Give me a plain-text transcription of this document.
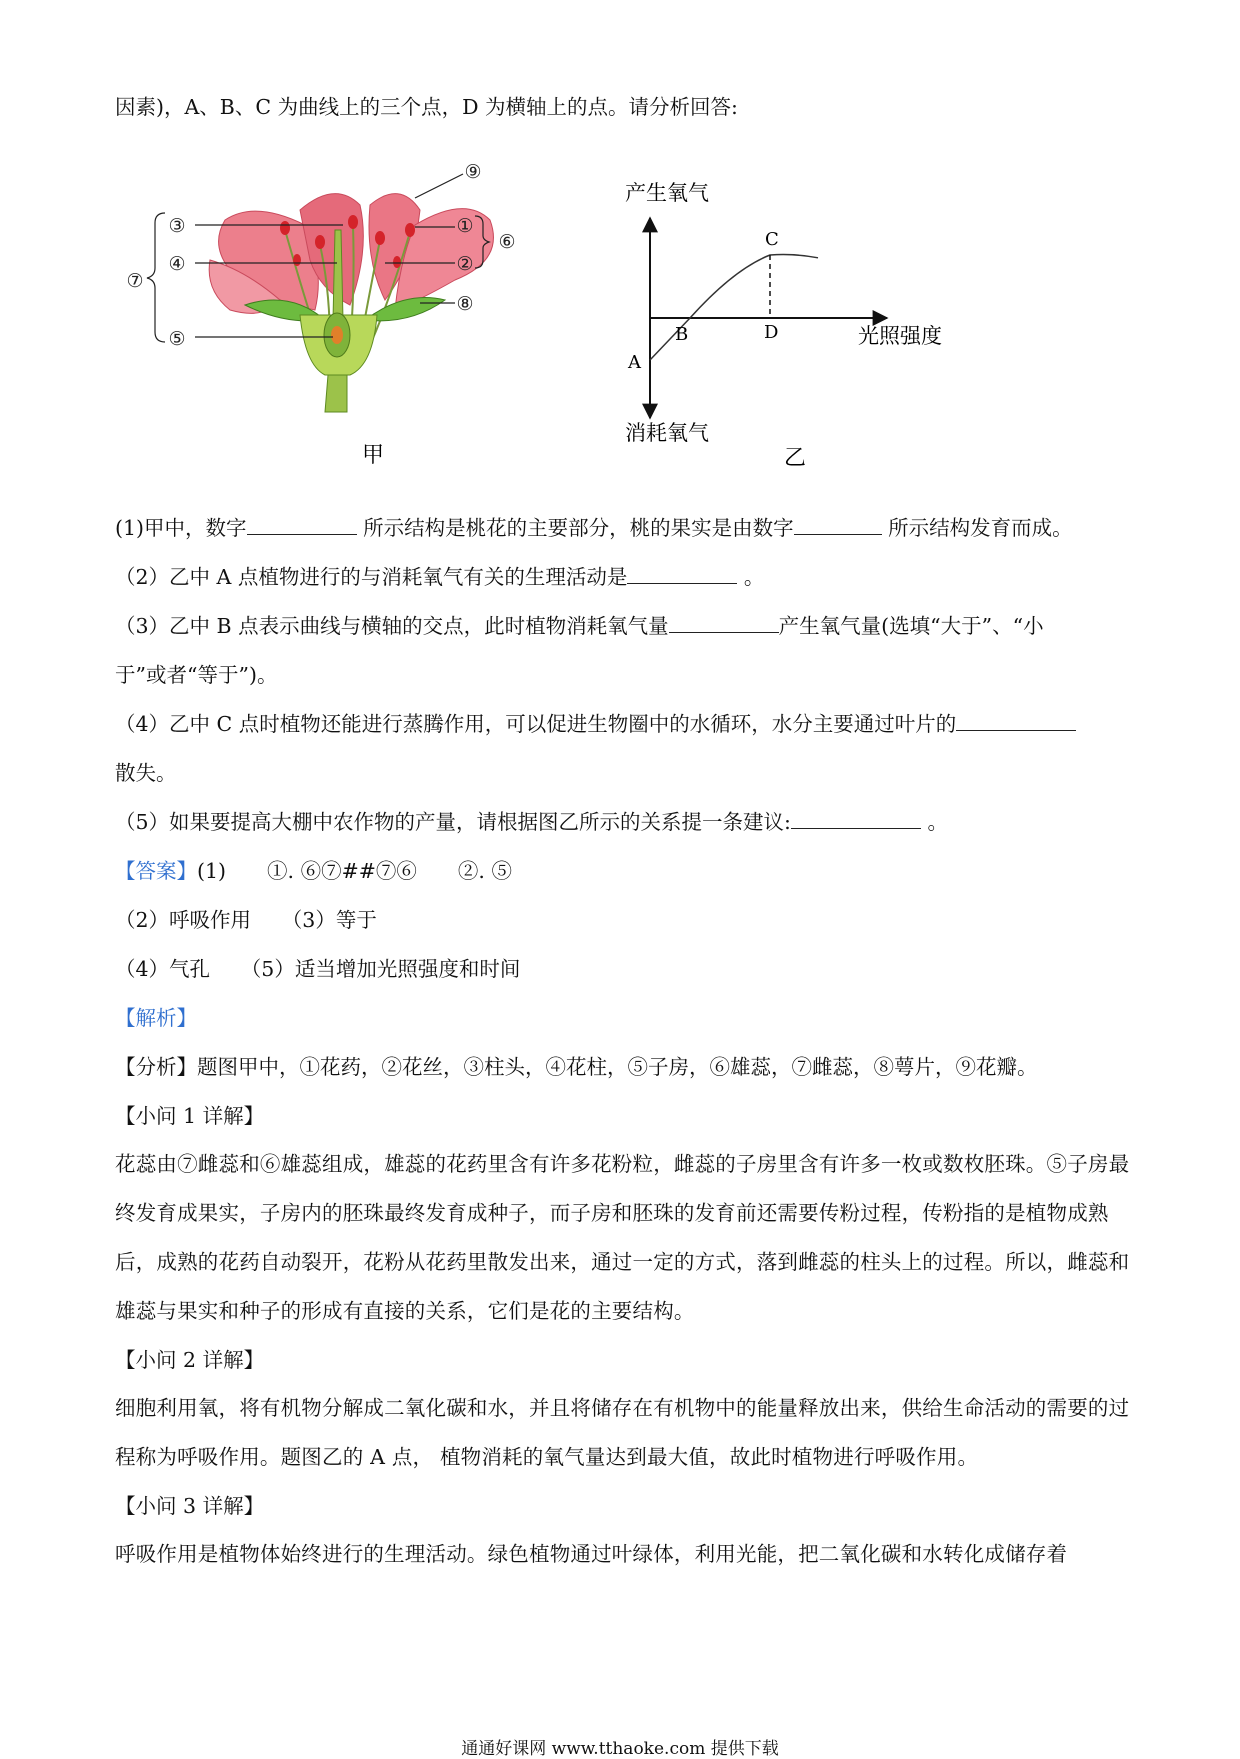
因素)，A、B、C 为曲线上的三个点，D 为横轴上的点。请分析回答:
③
④
⑦
⑤
①
②
⑥
⑧
⑨
甲
产生氧气
消耗氧气
光照强度
A
B
C
D
乙
(1)甲中，数字	所示结构是桃花的主要部分，桃的果实是由数字	所示结构发育而成。
（2）乙中 A 点植物进行的与消耗氧气有关的生理活动是	。
（3）乙中 B 点表示曲线与横轴的交点，此时植物消耗氧气量	产生氧气量(选填“大于”、“小
于”或者“等于”)。
（4）乙中 C 点时植物还能进行蒸腾作用，可以促进生物圈中的水循环，水分主要通过叶片的
散失。
（5）如果要提高大棚中农作物的产量，请根据图乙所示的关系提一条建议:	。
【答案】(1)　　①. ⑥⑦##⑦⑥　　②. ⑤
（2）呼吸作用　　（3）等于
（4）气孔　　（5）适当增加光照强度和时间
【解析】
【分析】题图甲中，①花药，②花丝，③柱头，④花柱，⑤子房，⑥雄蕊，⑦雌蕊，⑧萼片，⑨花瓣。
【小问 1 详解】
花蕊由⑦雌蕊和⑥雄蕊组成，雄蕊的花药里含有许多花粉粒，雌蕊的子房里含有许多一枚或数枚胚珠。⑤子房最终发育成果实，子房内的胚珠最终发育成种子，而子房和胚珠的发育前还需要传粉过程，传粉指的是植物成熟后，成熟的花药自动裂开，花粉从花药里散发出来，通过一定的方式，落到雌蕊的柱头上的过程。所以，雌蕊和雄蕊与果实和种子的形成有直接的关系，它们是花的主要结构。
【小问 2 详解】
细胞利用氧，将有机物分解成二氧化碳和水，并且将储存在有机物中的能量释放出来，供给生命活动的需要的过程称为呼吸作用。题图乙的 A 点， 植物消耗的氧气量达到最大值，故此时植物进行呼吸作用。
【小问 3 详解】
呼吸作用是植物体始终进行的生理活动。绿色植物通过叶绿体，利用光能，把二氧化碳和水转化成储存着
通通好课网 www.tthaoke.com 提供下载
